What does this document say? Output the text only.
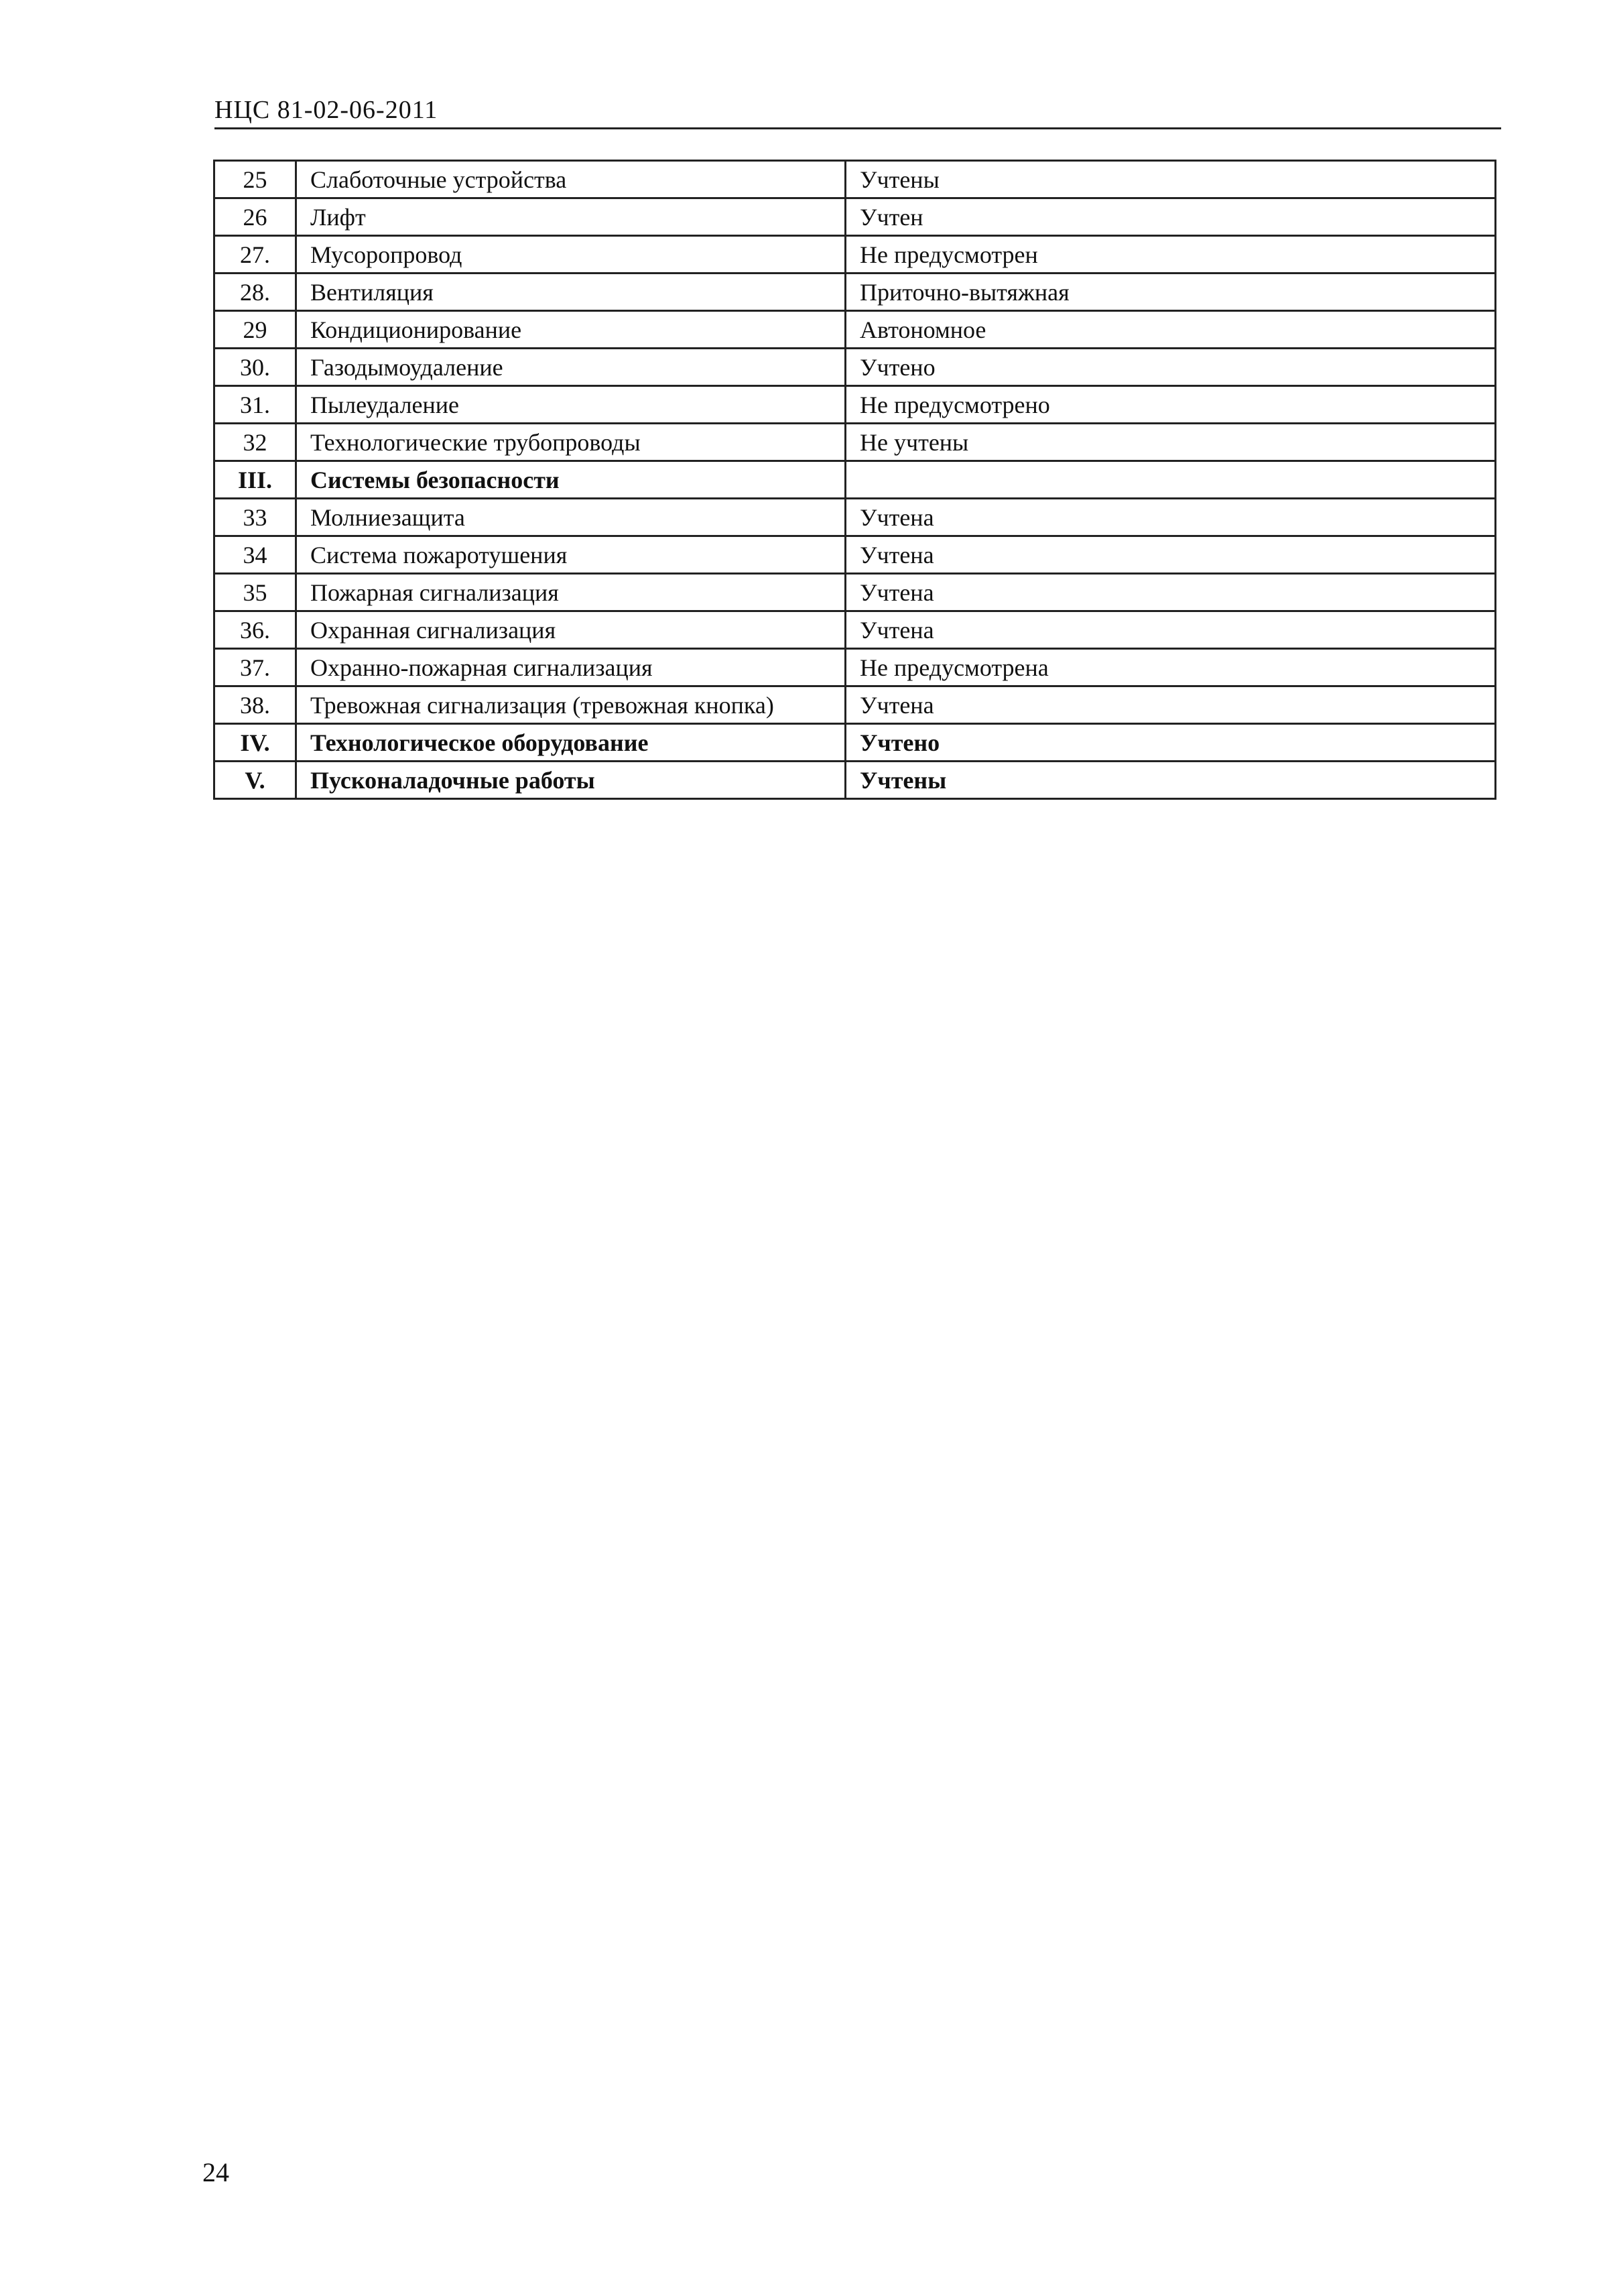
НЦС 81-02-06-2011
25	Слаботочные устройства	Учтены
26	Лифт	Учтен
27.	Мусоропровод	Не предусмотрен
28.	Вентиляция	Приточно-вытяжная
29	Кондиционирование	Автономное
30.	Газодымоудаление	Учтено
31.	Пылеудаление	Не предусмотрено
32	Технологические трубопроводы	Не учтены
III.	Системы безопасности	
33	Молниезащита	Учтена
34	Система пожаротушения	Учтена
35	Пожарная сигнализация	Учтена
36.	Охранная сигнализация	Учтена
37.	Охранно-пожарная сигнализация	Не предусмотрена
38.	Тревожная сигнализация (тревожная кнопка)	Учтена
IV.	Технологическое оборудование	Учтено
V.	Пусконаладочные работы	Учтены
24
